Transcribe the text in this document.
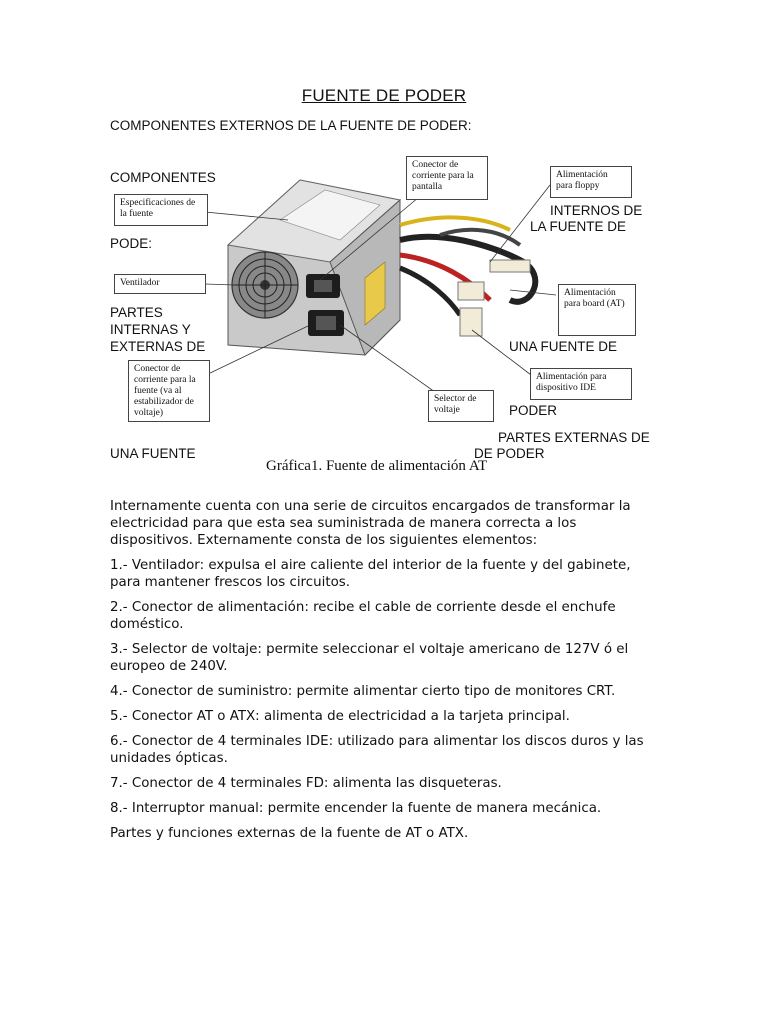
FUENTE DE PODER
COMPONENTES EXTERNOS DE LA FUENTE DE PODER:
Conector de corriente para la pantalla
Alimentación para floppy
Especificaciones de la fuente
Ventilador
Alimentación para board (AT)
Conector de corriente para la fuente (va al estabilizador de voltaje)
Selector de voltaje
Alimentación para dispositivo IDE
Gráfica1. Fuente de alimentación AT
COMPONENTES
PODE:
PARTES
INTERNAS Y
EXTERNAS DE
UNA FUENTE
INTERNOS DE
LA FUENTE DE
UNA FUENTE DE
PODER
PARTES EXTERNAS DE
DE PODER

Internamente cuenta con una serie de circuitos encargados de transformar la electricidad para que esta sea suministrada de manera correcta a los dispositivos. Externamente consta de los siguientes elementos:

1.- Ventilador: expulsa el aire caliente del interior de la fuente y del gabinete, para mantener frescos los circuitos.

2.- Conector de alimentación: recibe el cable de corriente desde el enchufe doméstico.

3.- Selector de voltaje: permite seleccionar el voltaje americano de 127V ó el europeo de 240V.

4.- Conector de suministro: permite alimentar cierto tipo de monitores CRT.

5.- Conector AT o ATX: alimenta de electricidad a la tarjeta principal.

6.- Conector de 4 terminales IDE: utilizado para alimentar los discos duros y las unidades ópticas.

7.- Conector de 4 terminales FD: alimenta las disqueteras.

8.- Interruptor manual: permite encender la fuente de manera mecánica.

Partes y funciones externas de la fuente de AT o ATX.
